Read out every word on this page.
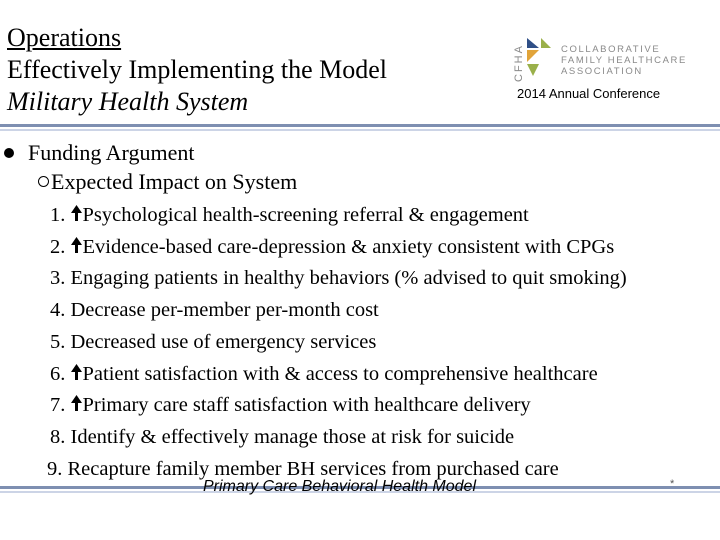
Operations
Effectively Implementing the Model
Military Health System
CFHA	COLLABORATIVE
FAMILY HEALTHCARE
ASSOCIATION
2014 Annual Conference
Funding Argument
Expected Impact on System
1. Psychological health-screening referral & engagement
2. Evidence-based care-depression & anxiety consistent with CPGs
3. Engaging patients in healthy behaviors (% advised to quit smoking)
4. Decrease per-member per-month cost
5. Decreased use of emergency services
6. Patient satisfaction with & access to comprehensive healthcare
7. Primary care staff satisfaction with healthcare delivery
8. Identify & effectively manage those at risk for suicide
9. Recapture family member BH services from purchased care
Primary Care Behavioral Health Model	*
